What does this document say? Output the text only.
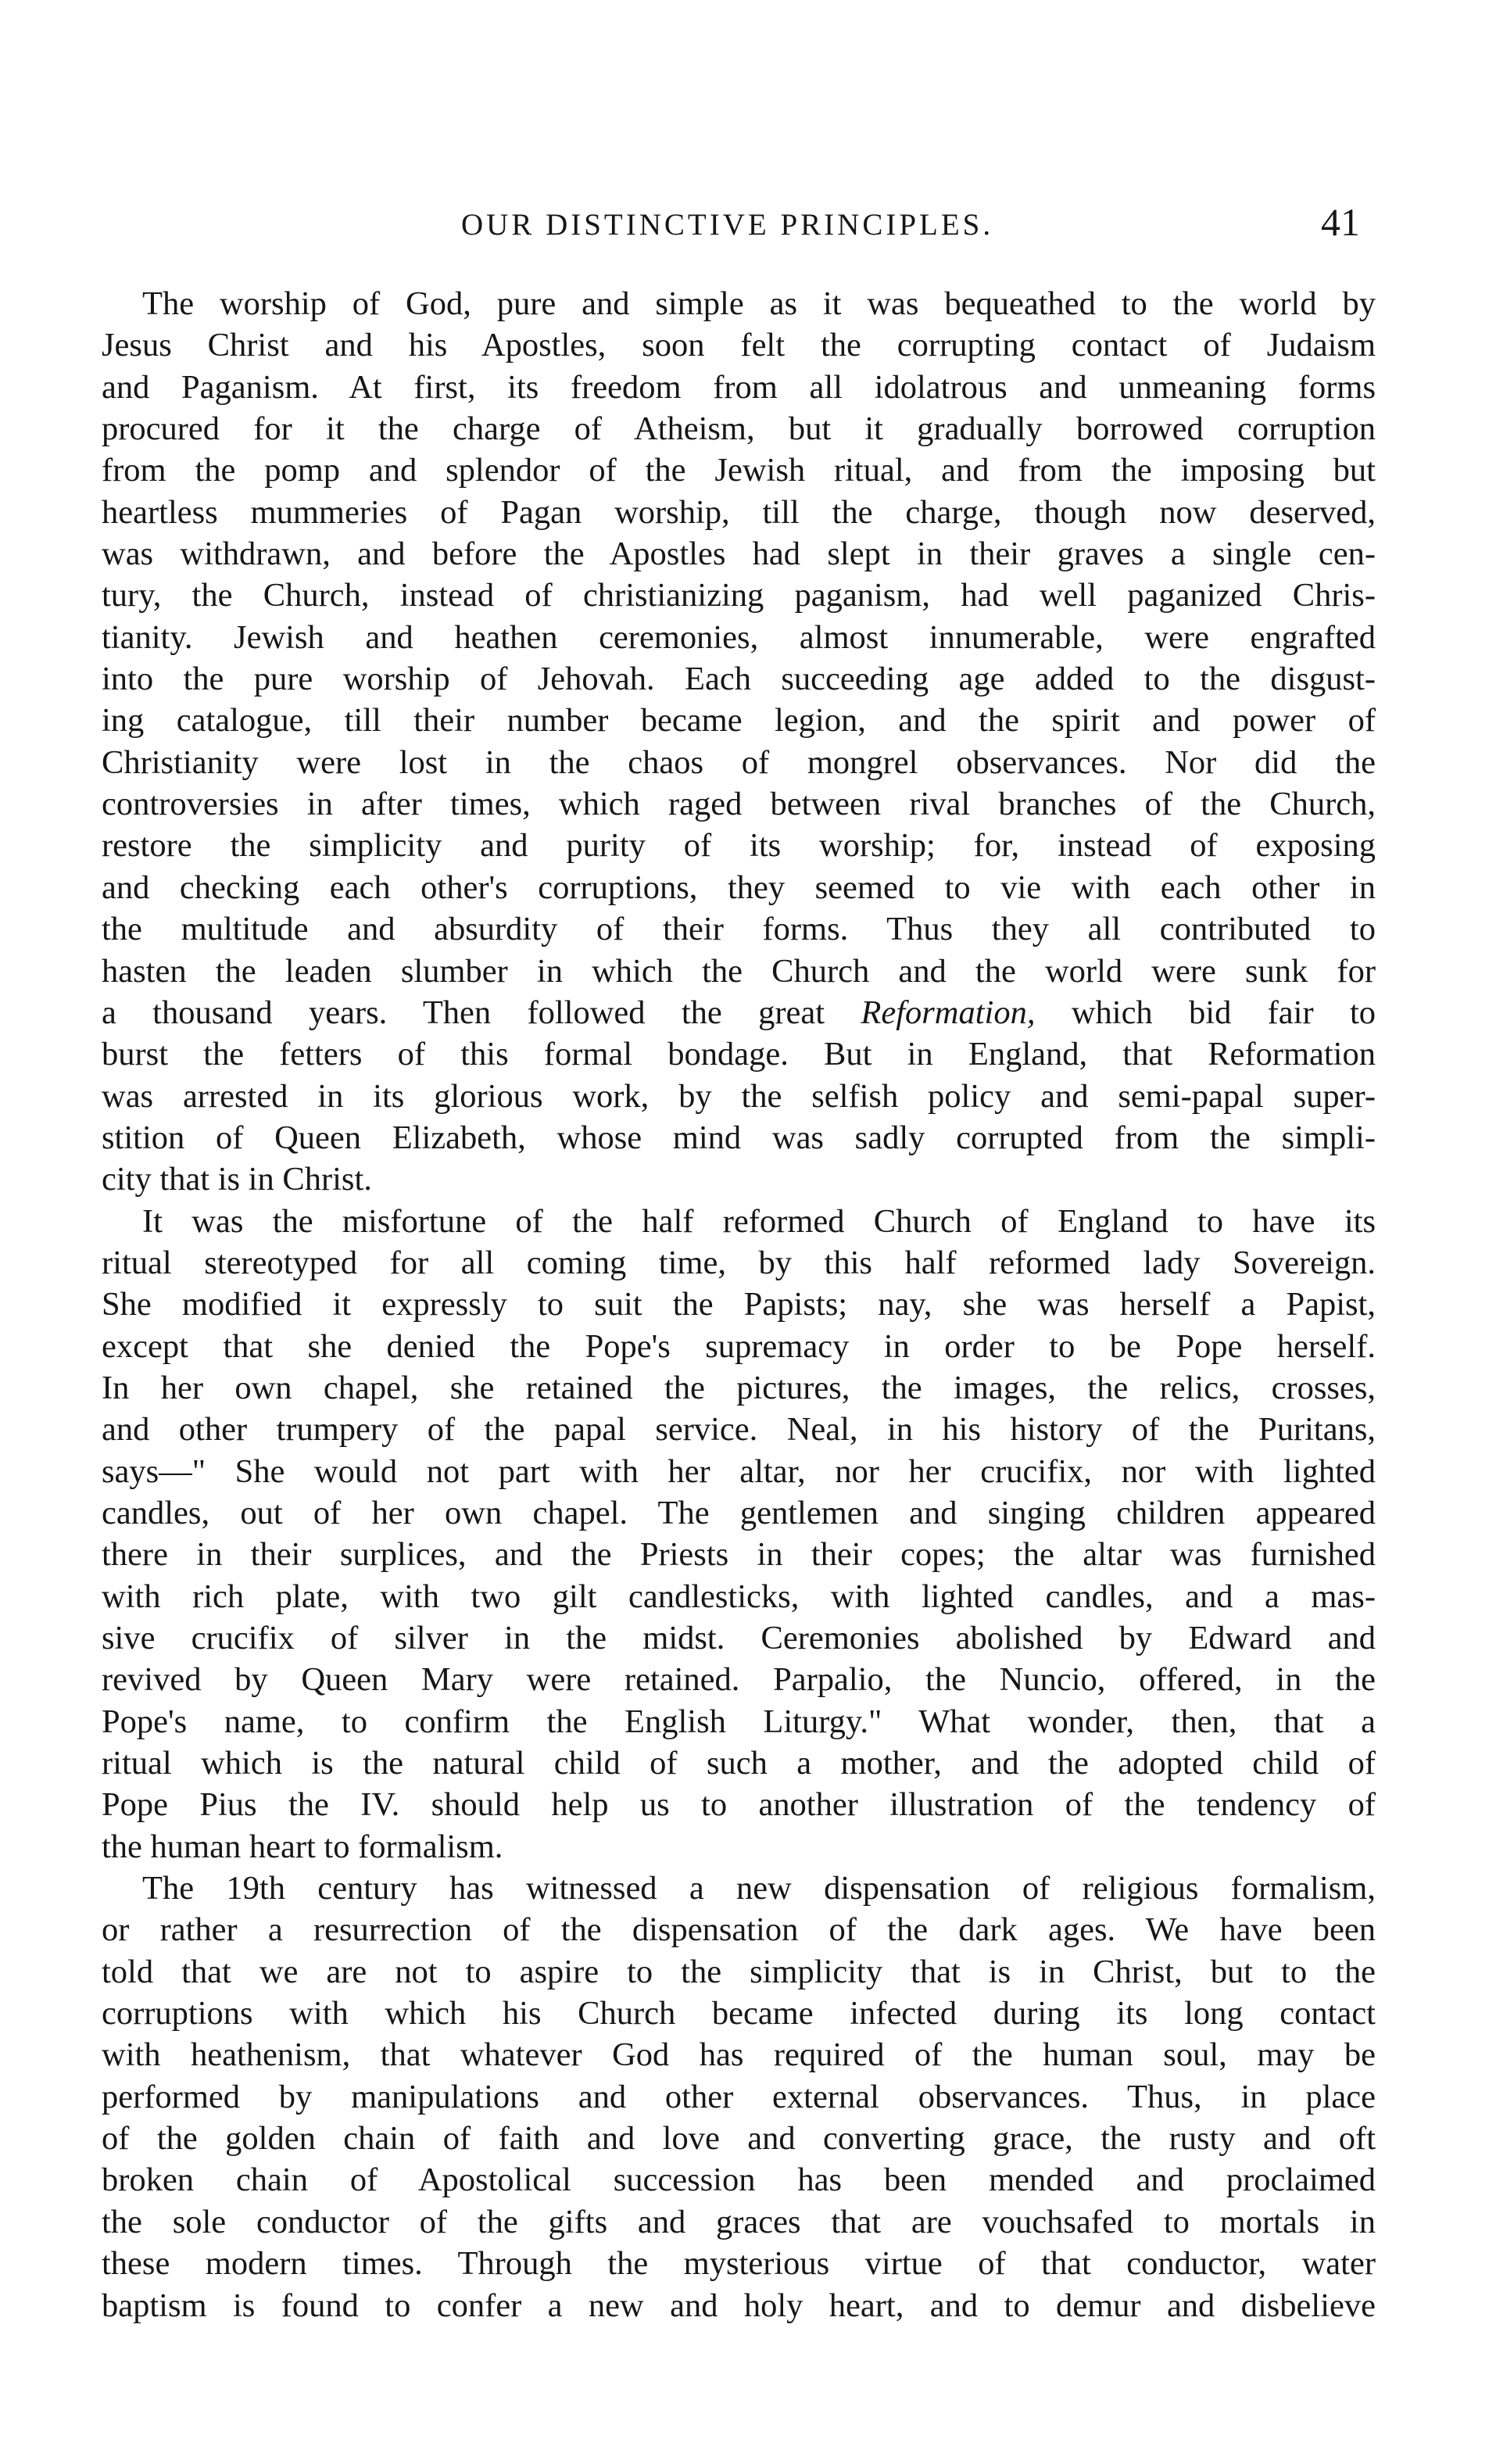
OUR DISTINCTIVE PRINCIPLES.	41
The worship of God, pure and simple as it was bequeathed to the world by
Jesus Christ and his Apostles, soon felt the corrupting contact of Judaism
and Paganism. At first, its freedom from all idolatrous and unmeaning forms
procured for it the charge of Atheism, but it gradually borrowed corruption
from the pomp and splendor of the Jewish ritual, and from the imposing but
heartless mummeries of Pagan worship, till the charge, though now deserved,
was withdrawn, and before the Apostles had slept in their graves a single cen-
tury, the Church, instead of christianizing paganism, had well paganized Chris-
tianity. Jewish and heathen ceremonies, almost innumerable, were engrafted
into the pure worship of Jehovah. Each succeeding age added to the disgust-
ing catalogue, till their number became legion, and the spirit and power of
Christianity were lost in the chaos of mongrel observances. Nor did the
controversies in after times, which raged between rival branches of the Church,
restore the simplicity and purity of its worship; for, instead of exposing
and checking each other's corruptions, they seemed to vie with each other in
the multitude and absurdity of their forms. Thus they all contributed to
hasten the leaden slumber in which the Church and the world were sunk for
a thousand years. Then followed the great Reformation, which bid fair to
burst the fetters of this formal bondage. But in England, that Reformation
was arrested in its glorious work, by the selfish policy and semi-papal super-
stition of Queen Elizabeth, whose mind was sadly corrupted from the simpli-
city that is in Christ.
It was the misfortune of the half reformed Church of England to have its
ritual stereotyped for all coming time, by this half reformed lady Sovereign.
She modified it expressly to suit the Papists; nay, she was herself a Papist,
except that she denied the Pope's supremacy in order to be Pope herself.
In her own chapel, she retained the pictures, the images, the relics, crosses,
and other trumpery of the papal service. Neal, in his history of the Puritans,
says—" She would not part with her altar, nor her crucifix, nor with lighted
candles, out of her own chapel. The gentlemen and singing children appeared
there in their surplices, and the Priests in their copes; the altar was furnished
with rich plate, with two gilt candlesticks, with lighted candles, and a mas-
sive crucifix of silver in the midst. Ceremonies abolished by Edward and
revived by Queen Mary were retained. Parpalio, the Nuncio, offered, in the
Pope's name, to confirm the English Liturgy." What wonder, then, that a
ritual which is the natural child of such a mother, and the adopted child of
Pope Pius the IV. should help us to another illustration of the tendency of
the human heart to formalism.
The 19th century has witnessed a new dispensation of religious formalism,
or rather a resurrection of the dispensation of the dark ages. We have been
told that we are not to aspire to the simplicity that is in Christ, but to the
corruptions with which his Church became infected during its long contact
with heathenism, that whatever God has required of the human soul, may be
performed by manipulations and other external observances. Thus, in place
of the golden chain of faith and love and converting grace, the rusty and oft
broken chain of Apostolical succession has been mended and proclaimed
the sole conductor of the gifts and graces that are vouchsafed to mortals in
these modern times. Through the mysterious virtue of that conductor, water
baptism is found to confer a new and holy heart, and to demur and disbelieve
